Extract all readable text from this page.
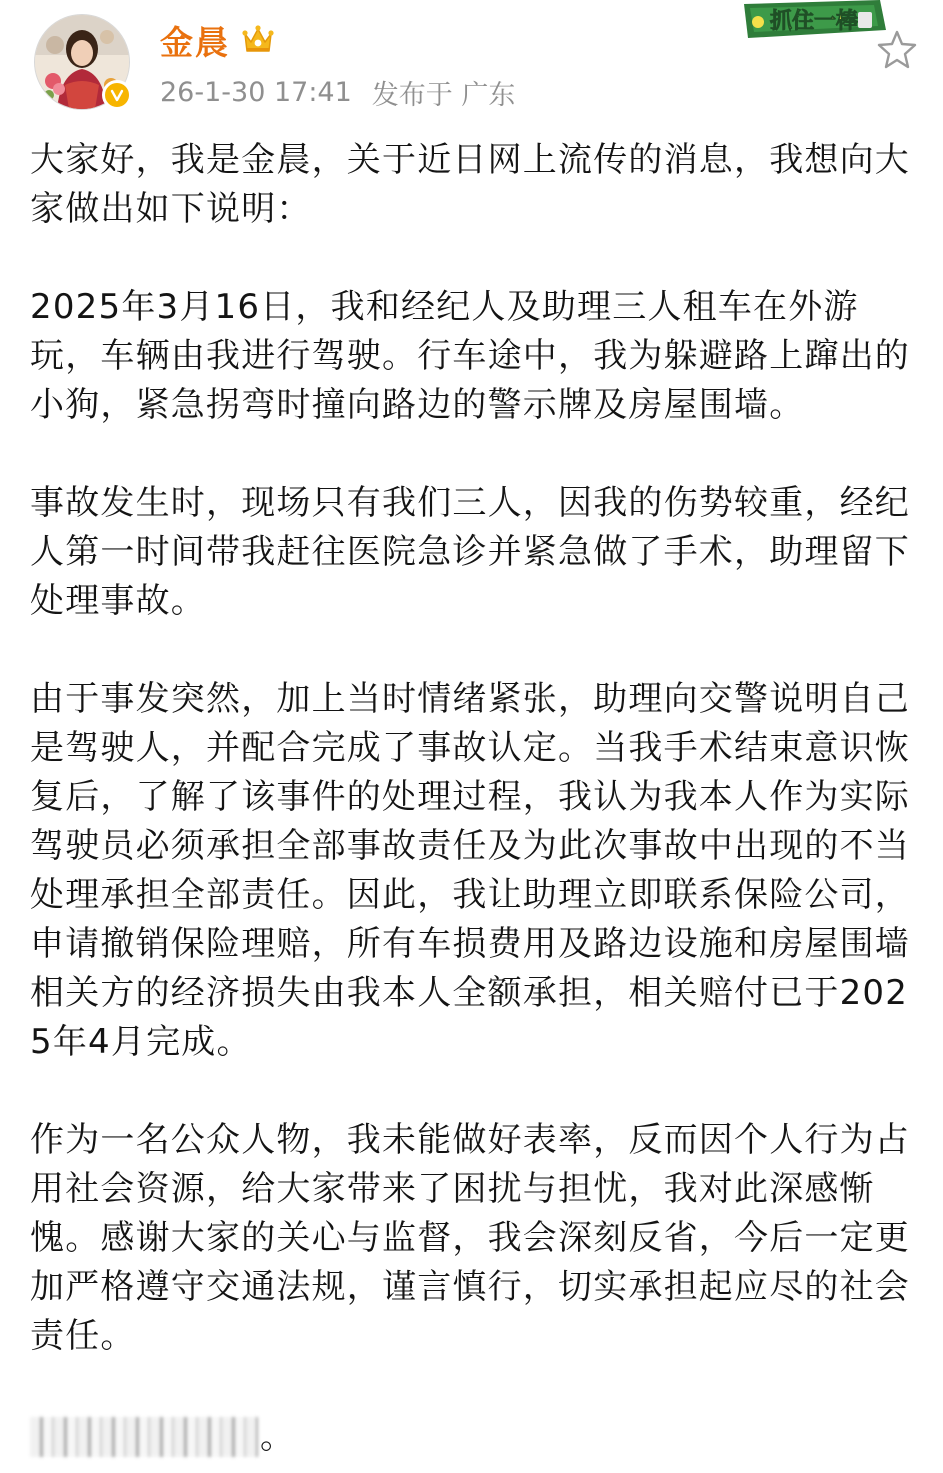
金晨
26-1-30 17:41 发布于 广东
抓住一棒

大家好，我是金晨，关于近日网上流传的消息，我想向大家做出如下说明：

2025年3月16日，我和经纪人及助理三人租车在外游玩，车辆由我进行驾驶。行车途中，我为躲避路上蹿出的小狗，紧急拐弯时撞向路边的警示牌及房屋围墙。

事故发生时，现场只有我们三人，因我的伤势较重，经纪人第一时间带我赶往医院急诊并紧急做了手术，助理留下处理事故。

由于事发突然，加上当时情绪紧张，助理向交警说明自己是驾驶人，并配合完成了事故认定。当我手术结束意识恢复后，了解了该事件的处理过程，我认为我本人作为实际驾驶员必须承担全部事故责任及为此次事故中出现的不当处理承担全部责任。因此，我让助理立即联系保险公司，申请撤销保险理赔，所有车损费用及路边设施和房屋围墙相关方的经济损失由我本人全额承担，相关赔付已于2025年4月完成。

作为一名公众人物，我未能做好表率，反而因个人行为占用社会资源，给大家带来了困扰与担忧，我对此深感惭愧。感谢大家的关心与监督，我会深刻反省，今后一定更加严格遵守交通法规，谨言慎行，切实承担起应尽的社会责任。

。
